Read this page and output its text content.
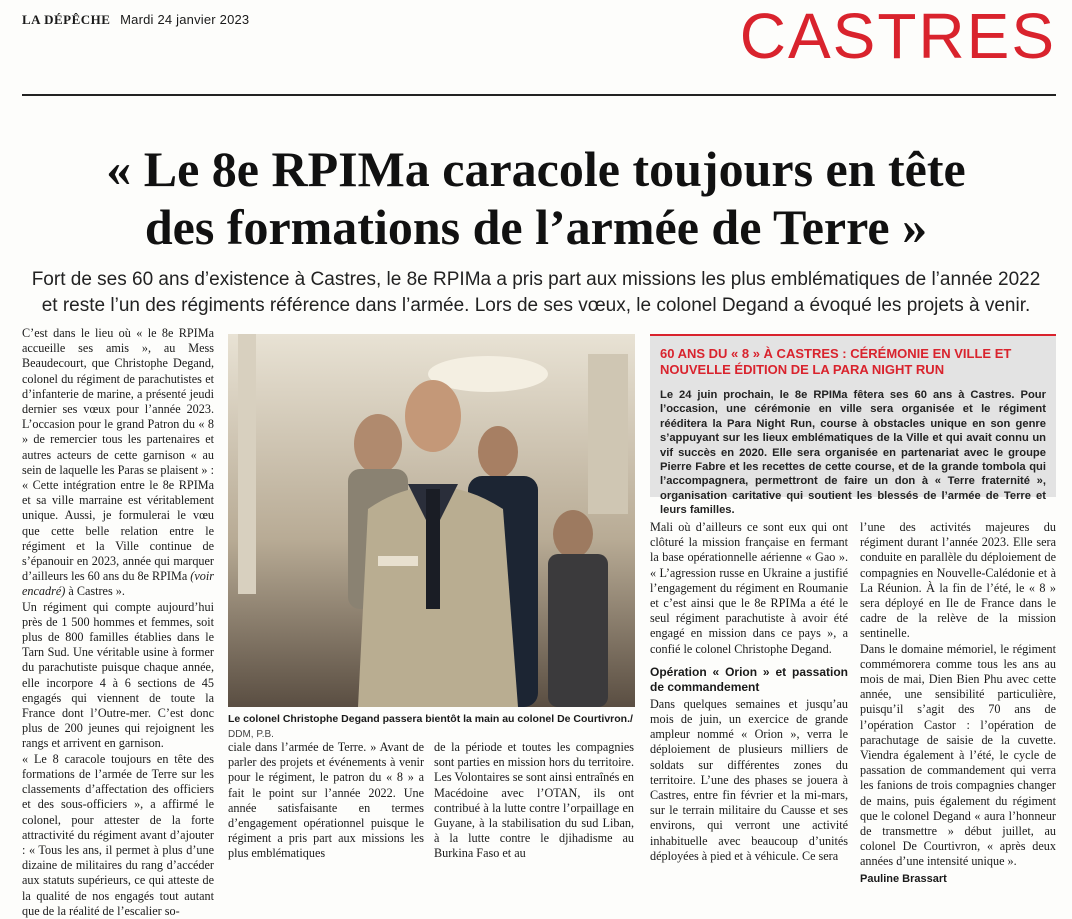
LA DÉPÊCHE Mardi 24 janvier 2023	CASTRES
« Le 8e RPIMa caracole toujours en tête
des formations de l’armée de Terre »
Fort de ses 60 ans d’existence à Castres, le 8e RPIMa a pris part aux missions les plus emblématiques de l’année 2022
et reste l’un des régiments référence dans l’armée. Lors de ses vœux, le colonel Degand a évoqué les projets à venir.

C’est dans le lieu où « le 8e RPIMa accueille ses amis », au Mess Beaudecourt, que Christophe Degand, colonel du régiment de parachutistes et d’infanterie de marine, a présenté jeudi dernier ses vœux pour l’année 2023. L’occasion pour le grand Patron du « 8 » de remercier tous les partenaires et autres acteurs de cette garnison « au sein de laquelle les Paras se plaisent » : « Cette intégration entre le 8e RPIMa et sa ville marraine est véritablement unique. Aussi, je formulerai le vœu que cette belle relation entre le régiment et la Ville continue de s’épanouir en 2023, année qui marquer d’ailleurs les 60 ans du 8e RPIMa (voir encadré) à Castres ».

Un régiment qui compte aujourd’hui près de 1 500 hommes et femmes, soit plus de 800 familles établies dans le Tarn Sud. Une véritable usine à former du parachutiste puisque chaque année, elle incorpore 4 à 6 sections de 45 engagés qui viennent de toute la France dont l’Outre-mer. C’est donc plus de 200 jeunes qui rejoignent les rangs et arrivent en garnison.

« Le 8 caracole toujours en tête des formations de l’armée de Terre sur les classements d’affectation des officiers et des sous-officiers », a affirmé le colonel, pour attester de la forte attractivité du régiment avant d’ajouter : « Tous les ans, il permet à plus d’une dizaine de militaires du rang d’accéder aux statuts supérieurs, ce qui atteste de la qualité de nos engagés tout autant que de la réalité de l’escalier so-

Le colonel Christophe Degand passera bientôt la main au colonel De Courtivron./ DDM, P.B.

ciale dans l’armée de Terre. » Avant de parler des projets et événements à venir pour le régiment, le patron du « 8 » a fait le point sur l’année 2022. Une année satisfaisante en termes d’engagement opérationnel puisque le régiment a pris part aux missions les plus emblématiques

de la période et toutes les compagnies sont parties en mission hors du territoire. Les Volontaires se sont ainsi entraînés en Macédoine avec l’OTAN, ils ont contribué à la lutte contre l’orpaillage en Guyane, à la stabilisation du sud Liban, à la lutte contre le djihadisme au Burkina Faso et au

60 ANS DU « 8 » À CASTRES : CÉRÉMONIE EN VILLE ET NOUVELLE ÉDITION DE LA PARA NIGHT RUN
Le 24 juin prochain, le 8e RPIMa fêtera ses 60 ans à Castres. Pour l’occasion, une cérémonie en ville sera organisée et le régiment rééditera la Para Night Run, course à obstacles unique en son genre s’appuyant sur les lieux emblématiques de la Ville et qui avait connu un vif succès en 2020. Elle sera organisée en partenariat avec le groupe Pierre Fabre et les recettes de cette course, et de la grande tombola qui l’accompagnera, permettront de faire un don à « Terre fraternité », organisation caritative qui soutient les blessés de l’armée de Terre et leurs familles.

Mali où d’ailleurs ce sont eux qui ont clôturé la mission française en fermant la base opérationnelle aérienne « Gao ». « L’agression russe en Ukraine a justifié l’engagement du régiment en Roumanie et c’est ainsi que le 8e RPIMa a été le seul régiment parachutiste à avoir été engagé en mission dans ce pays », a confié le colonel Christophe Degand.

Opération « Orion » et passation de commandement

Dans quelques semaines et jusqu’au mois de juin, un exercice de grande ampleur nommé « Orion », verra le déploiement de plusieurs milliers de soldats sur différentes zones du territoire. L’une des phases se jouera à Castres, entre fin février et la mi-mars, sur le terrain militaire du Causse et ses environs, qui verront une activité inhabituelle avec beaucoup d’unités déployées à pied et à véhicule. Ce sera

l’une des activités majeures du régiment durant l’année 2023. Elle sera conduite en parallèle du déploiement de compagnies en Nouvelle-Calédonie et à La Réunion. À la fin de l’été, le « 8 » sera déployé en Ile de France dans le cadre de la relève de la mission sentinelle.

Dans le domaine mémoriel, le régiment commémorera comme tous les ans au mois de mai, Dien Bien Phu avec cette année, une sensibilité particulière, puisqu’il s’agit des 70 ans de l’opération Castor : l’opération de parachutage de saisie de la cuvette. Viendra également à l’été, le cycle de passation de commandement qui verra les fanions de trois compagnies changer de mains, puis également du régiment que le colonel Degand « aura l’honneur de transmettre » début juillet, au colonel De Courtivron, « après deux années d’une intensité unique ».

Pauline Brassart
